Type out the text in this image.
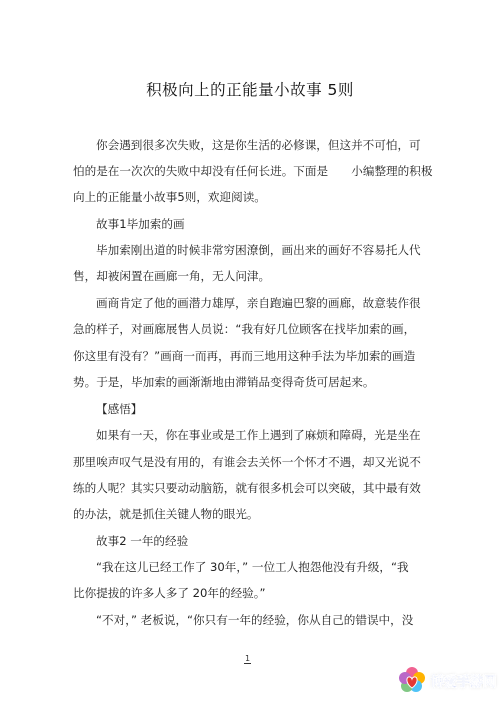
积极向上的正能量小故事 5则
你会遇到很多次失败，这是你生活的必修课，但这并不可怕，可
怕的是在一次次的失败中却没有任何长进。下面是　　小编整理的积极
向上的正能量小故事5则，欢迎阅读。
故事1毕加索的画
毕加索刚出道的时候非常穷困潦倒，画出来的画好不容易托人代
售，却被闲置在画廊一角，无人问津。
画商肯定了他的画潜力雄厚，亲自跑遍巴黎的画廊，故意装作很
急的样子，对画廊展售人员说：“我有好几位顾客在找毕加索的画，
你这里有没有？”画商一而再，再而三地用这种手法为毕加索的画造
势。于是，毕加索的画渐渐地由滞销品变得奇货可居起来。
【感悟】
如果有一天，你在事业或是工作上遇到了麻烦和障碍，光是坐在
那里唉声叹气是没有用的，有谁会去关怀一个怀才不遇，却又光说不
练的人呢？其实只要动动脑筋，就有很多机会可以突破，其中最有效
的办法，就是抓住关键人物的眼光。
故事2 一年的经验
“我在这儿已经工作了 30年，” 一位工人抱怨他没有升级，“我
比你提拔的许多人多了 20年的经验。”
“不对，” 老板说，“你只有一年的经验，你从自己的错误中，没
1
博爱手游网
